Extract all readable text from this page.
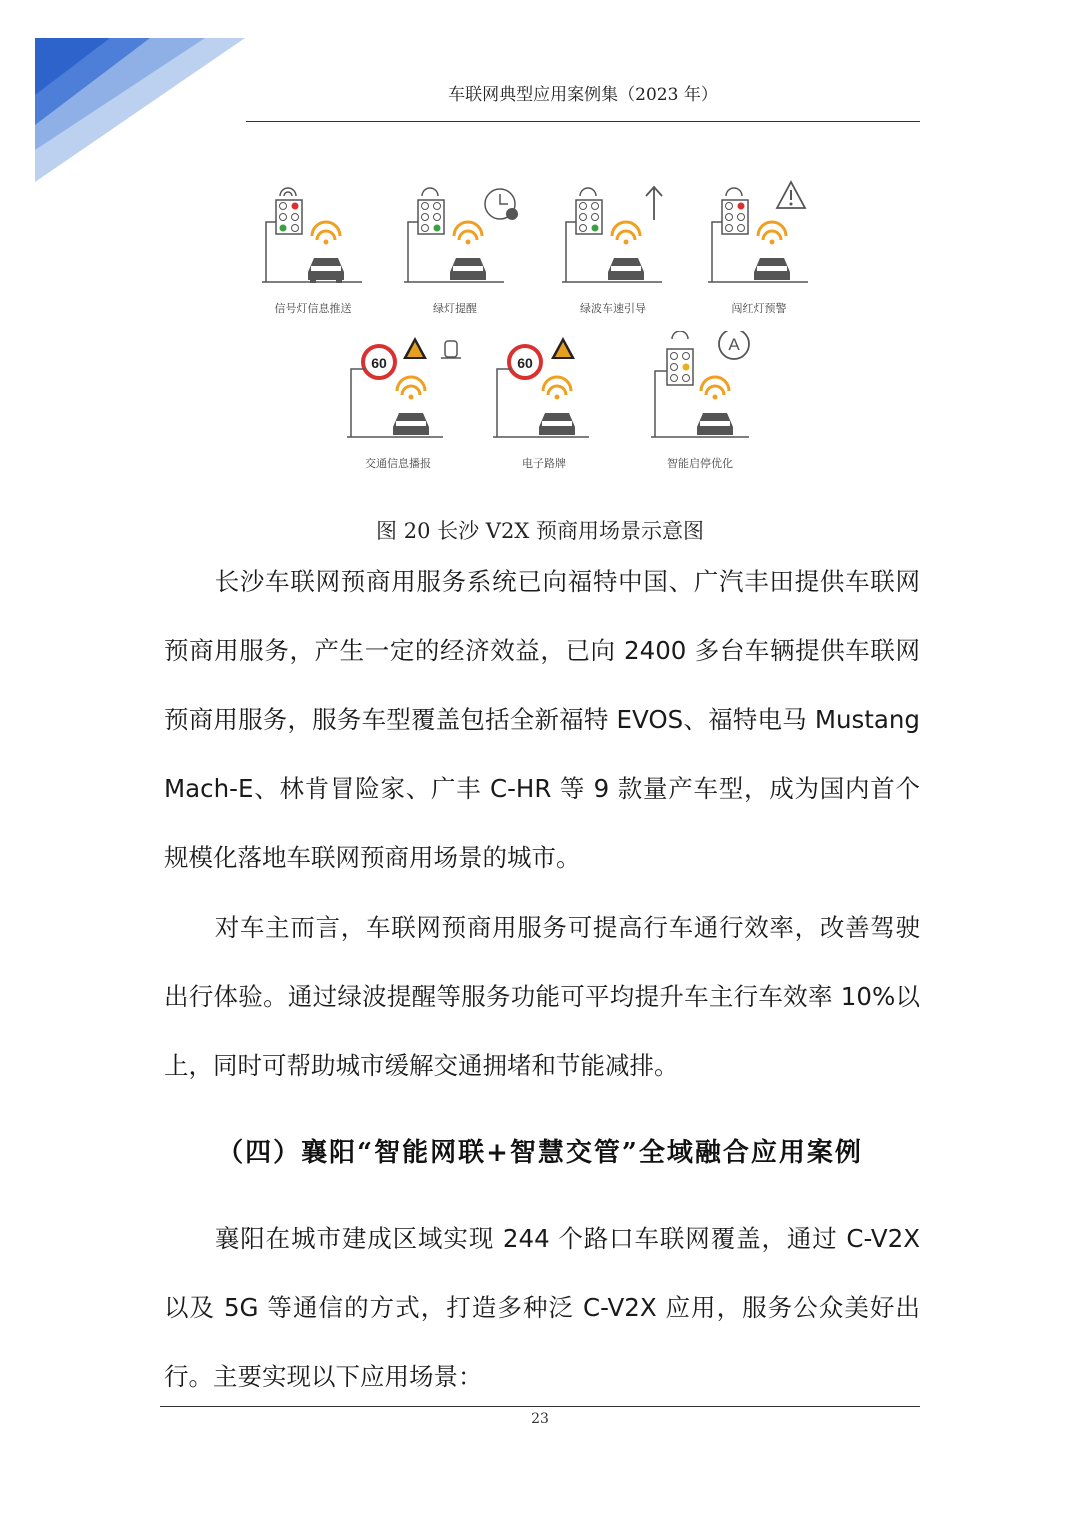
车联网典型应用案例集（2023 年）
信号灯信息推送	绿灯提醒	绿波车速引导	闯红灯预警
60
交通信息播报
60
电子路牌
A
智能启停优化
图 20 长沙 V2X 预商用场景示意图
长沙车联网预商用服务系统已向福特中国、广汽丰田提供车联网预商用服务，产生一定的经济效益，已向 2400 多台车辆提供车联网预商用服务，服务车型覆盖包括全新福特 EVOS、福特电马 Mustang Mach-E、林肯冒险家、广丰 C-HR 等 9 款量产车型，成为国内首个规模化落地车联网预商用场景的城市。
对车主而言，车联网预商用服务可提高行车通行效率，改善驾驶出行体验。通过绿波提醒等服务功能可平均提升车主行车效率 10%以上，同时可帮助城市缓解交通拥堵和节能减排。
（四）襄阳“智能网联+智慧交管”全域融合应用案例
襄阳在城市建成区域实现 244 个路口车联网覆盖，通过 C-V2X 以及 5G 等通信的方式，打造多种泛 C-V2X 应用，服务公众美好出行。主要实现以下应用场景：
23
